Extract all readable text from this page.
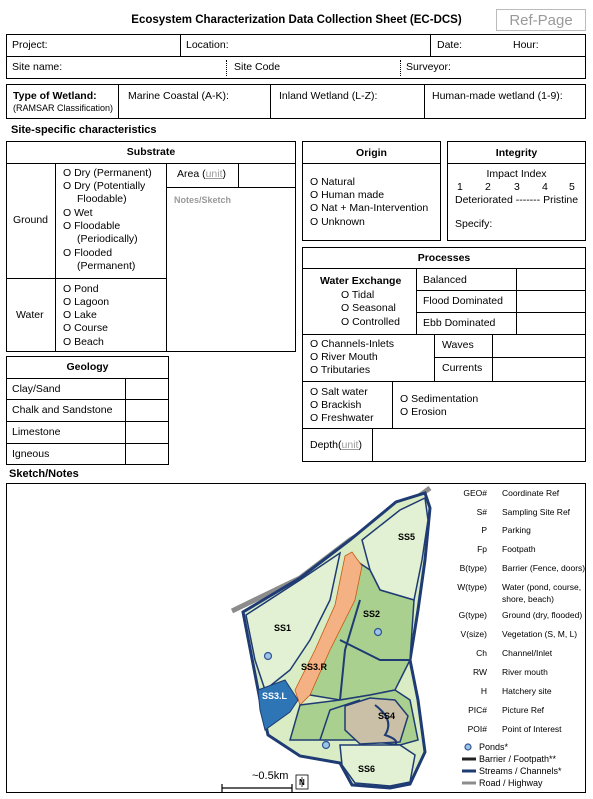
Ecosystem Characterization Data Collection Sheet (EC-DCS)	Ref-Page
Project:	Location:	Date:	Hour:
Site name:	Site Code	Surveyor:
Type of Wetland:
(RAMSAR Classification)
Marine Coastal (A-K):	Inland Wetland (L-Z):	Human-made wetland (1-9):
Site-specific characteristics
Substrate
Ground
O Dry (Permanent)
O Dry (Potentially
Floodable)
O Wet
O Floodable
(Periodically)
O Flooded
(Permanent)
Area (unit)
Notes/Sketch
Water
O Pond
O Lagoon
O Lake
O Course
O Beach
Origin
O Natural
O Human made
O Nat + Man-Intervention
O Unknown
Integrity
Impact Index
1 2 3 4 5
Deteriorated ------- Pristine
Specify:
Processes
Water Exchange
O Tidal
O Seasonal
O Controlled
Balanced
Flood Dominated
Ebb Dominated
O Channels-Inlets
O River Mouth
O Tributaries
Waves
Currents
O Salt water
O Brackish
O Freshwater
O Sedimentation
O Erosion
Depth(unit)
Geology
Clay/Sand
Chalk and Sandstone
Limestone
Igneous
Sketch/Notes
SS5
SS1
SS2
SS3.R
SS3.L
SS4
SS6
~0.5km
N
GEO# Coordinate Ref
S# Sampling Site Ref
P Parking
Fp Footpath
B(type) Barrier (Fence, doors)
W(type) Water (pond, course,
shore, beach)
G(type) Ground (dry, flooded)
V(size) Vegetation (S, M, L)
Ch Channel/Inlet
RW River mouth
H Hatchery site
PIC# Picture Ref
POI# Point of Interest
Ponds*
Barrier / Footpath**
Streams / Channels*
Road / Highway
